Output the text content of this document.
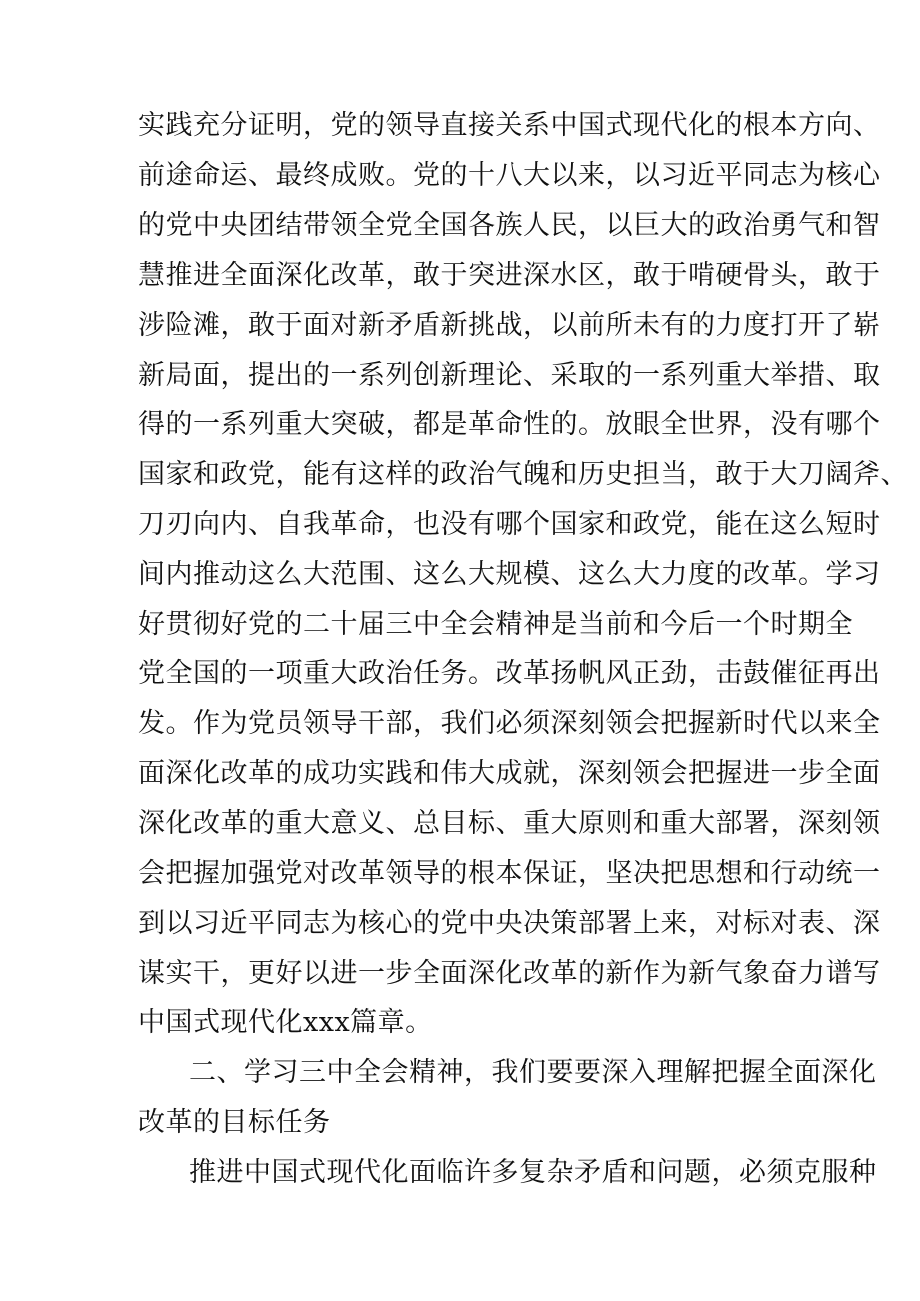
实践充分证明，党的领导直接关系中国式现代化的根本方向、
前途命运、最终成败。党的十八大以来，以习近平同志为核心
的党中央团结带领全党全国各族人民，以巨大的政治勇气和智
慧推进全面深化改革，敢于突进深水区，敢于啃硬骨头，敢于
涉险滩，敢于面对新矛盾新挑战，以前所未有的力度打开了崭
新局面，提出的一系列创新理论、采取的一系列重大举措、取
得的一系列重大突破，都是革命性的。放眼全世界，没有哪个
国家和政党，能有这样的政治气魄和历史担当，敢于大刀阔斧、
刀刃向内、自我革命，也没有哪个国家和政党，能在这么短时
间内推动这么大范围、这么大规模、这么大力度的改革。学习
好贯彻好党的二十届三中全会精神是当前和今后一个时期全
党全国的一项重大政治任务。改革扬帆风正劲，击鼓催征再出
发。作为党员领导干部，我们必须深刻领会把握新时代以来全
面深化改革的成功实践和伟大成就，深刻领会把握进一步全面
深化改革的重大意义、总目标、重大原则和重大部署，深刻领
会把握加强党对改革领导的根本保证，坚决把思想和行动统一
到以习近平同志为核心的党中央决策部署上来，对标对表、深
谋实干，更好以进一步全面深化改革的新作为新气象奋力谱写
中国式现代化xxx篇章。
二、学习三中全会精神，我们要要深入理解把握全面深化
改革的目标任务
推进中国式现代化面临许多复杂矛盾和问题，必须克服种
